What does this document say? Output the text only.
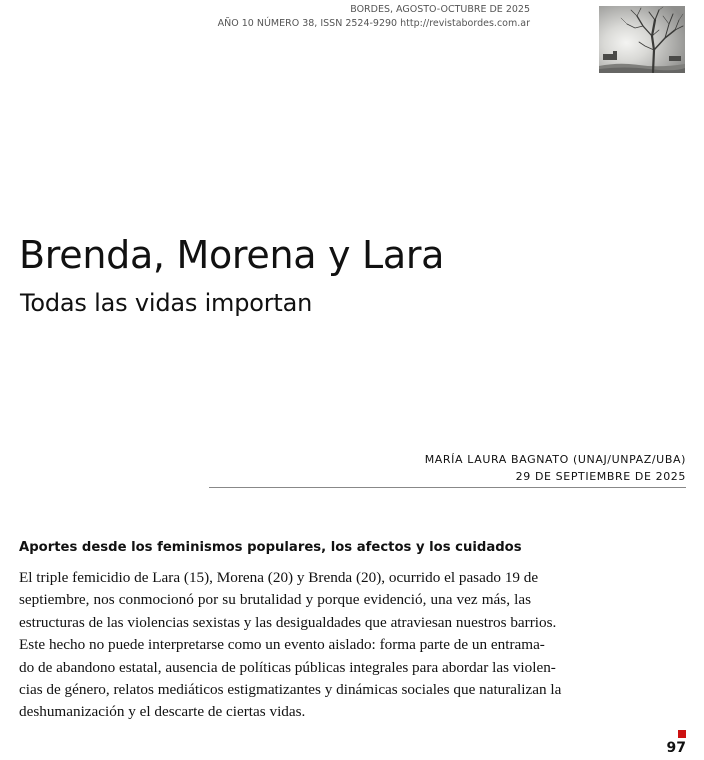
BORDES, AGOSTO-OCTUBRE DE 2025
AÑO 10 NÚMERO 38, ISSN 2524-9290 http://revistabordes.com.ar
Brenda, Morena y Lara
Todas las vidas importan
MARÍA LAURA BAGNATO (UNAJ/UNPAZ/UBA)
29 DE SEPTIEMBRE DE 2025
Aportes desde los feminismos populares, los afectos y los cuidados
El triple femicidio de Lara (15), Morena (20) y Brenda (20), ocurrido el pasado 19 de
septiembre, nos conmocionó por su brutalidad y porque evidenció, una vez más, las
estructuras de las violencias sexistas y las desigualdades que atraviesan nuestros barrios.
Este hecho no puede interpretarse como un evento aislado: forma parte de un entrama-
do de abandono estatal, ausencia de políticas públicas integrales para abordar las violen-
cias de género, relatos mediáticos estigmatizantes y dinámicas sociales que naturalizan la
deshumanización y el descarte de ciertas vidas.
97
